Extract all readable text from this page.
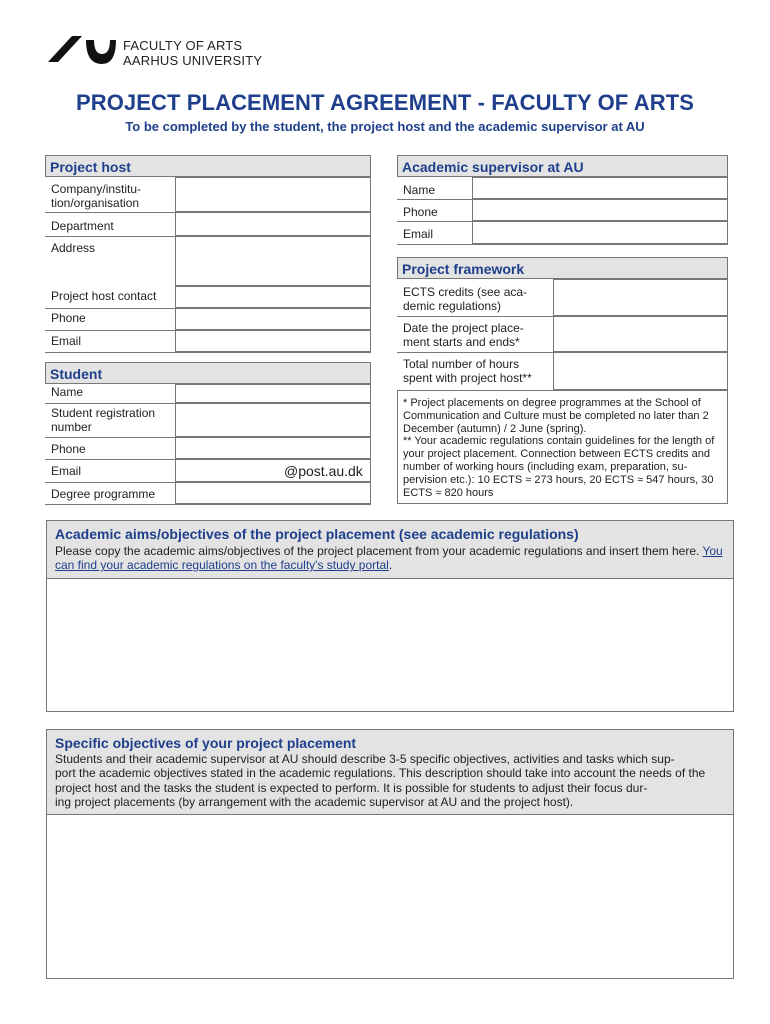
FACULTY OF ARTS
AARHUS UNIVERSITY
PROJECT PLACEMENT AGREEMENT - FACULTY OF ARTS
To be completed by the student, the project host and the academic supervisor at AU
Project host
Company/institu-
tion/organisation
Department
Address
Project host contact
Phone
Email
Student
Name
Student registration
number
Phone
Email	@post.au.dk
Degree programme
Academic supervisor at AU
Name
Phone
Email
Project framework
ECTS credits (see aca-
demic regulations)
Date the project place-
ment starts and ends*
Total number of hours
spent with project host**
* Project placements on degree programmes at the School of Communication and Culture must be completed no later than 2 December (autumn) / 2 June (spring).
** Your academic regulations contain guidelines for the length of your project placement. Connection between ECTS credits and number of working hours (including exam, preparation, su-
pervision etc.): 10 ECTS ≈ 273 hours, 20 ECTS ≈ 547 hours, 30 ECTS ≈ 820 hours
Academic aims/objectives of the project placement (see academic regulations)
Please copy the academic aims/objectives of the project placement from your academic regulations and insert them here. You can find your academic regulations on the faculty's study portal.
Specific objectives of your project placement
Students and their academic supervisor at AU should describe 3-5 specific objectives, activities and tasks which sup-
port the academic objectives stated in the academic regulations. This description should take into account the needs of the project host and the tasks the student is expected to perform. It is possible for students to adjust their focus dur-
ing project placements (by arrangement with the academic supervisor at AU and the project host).
